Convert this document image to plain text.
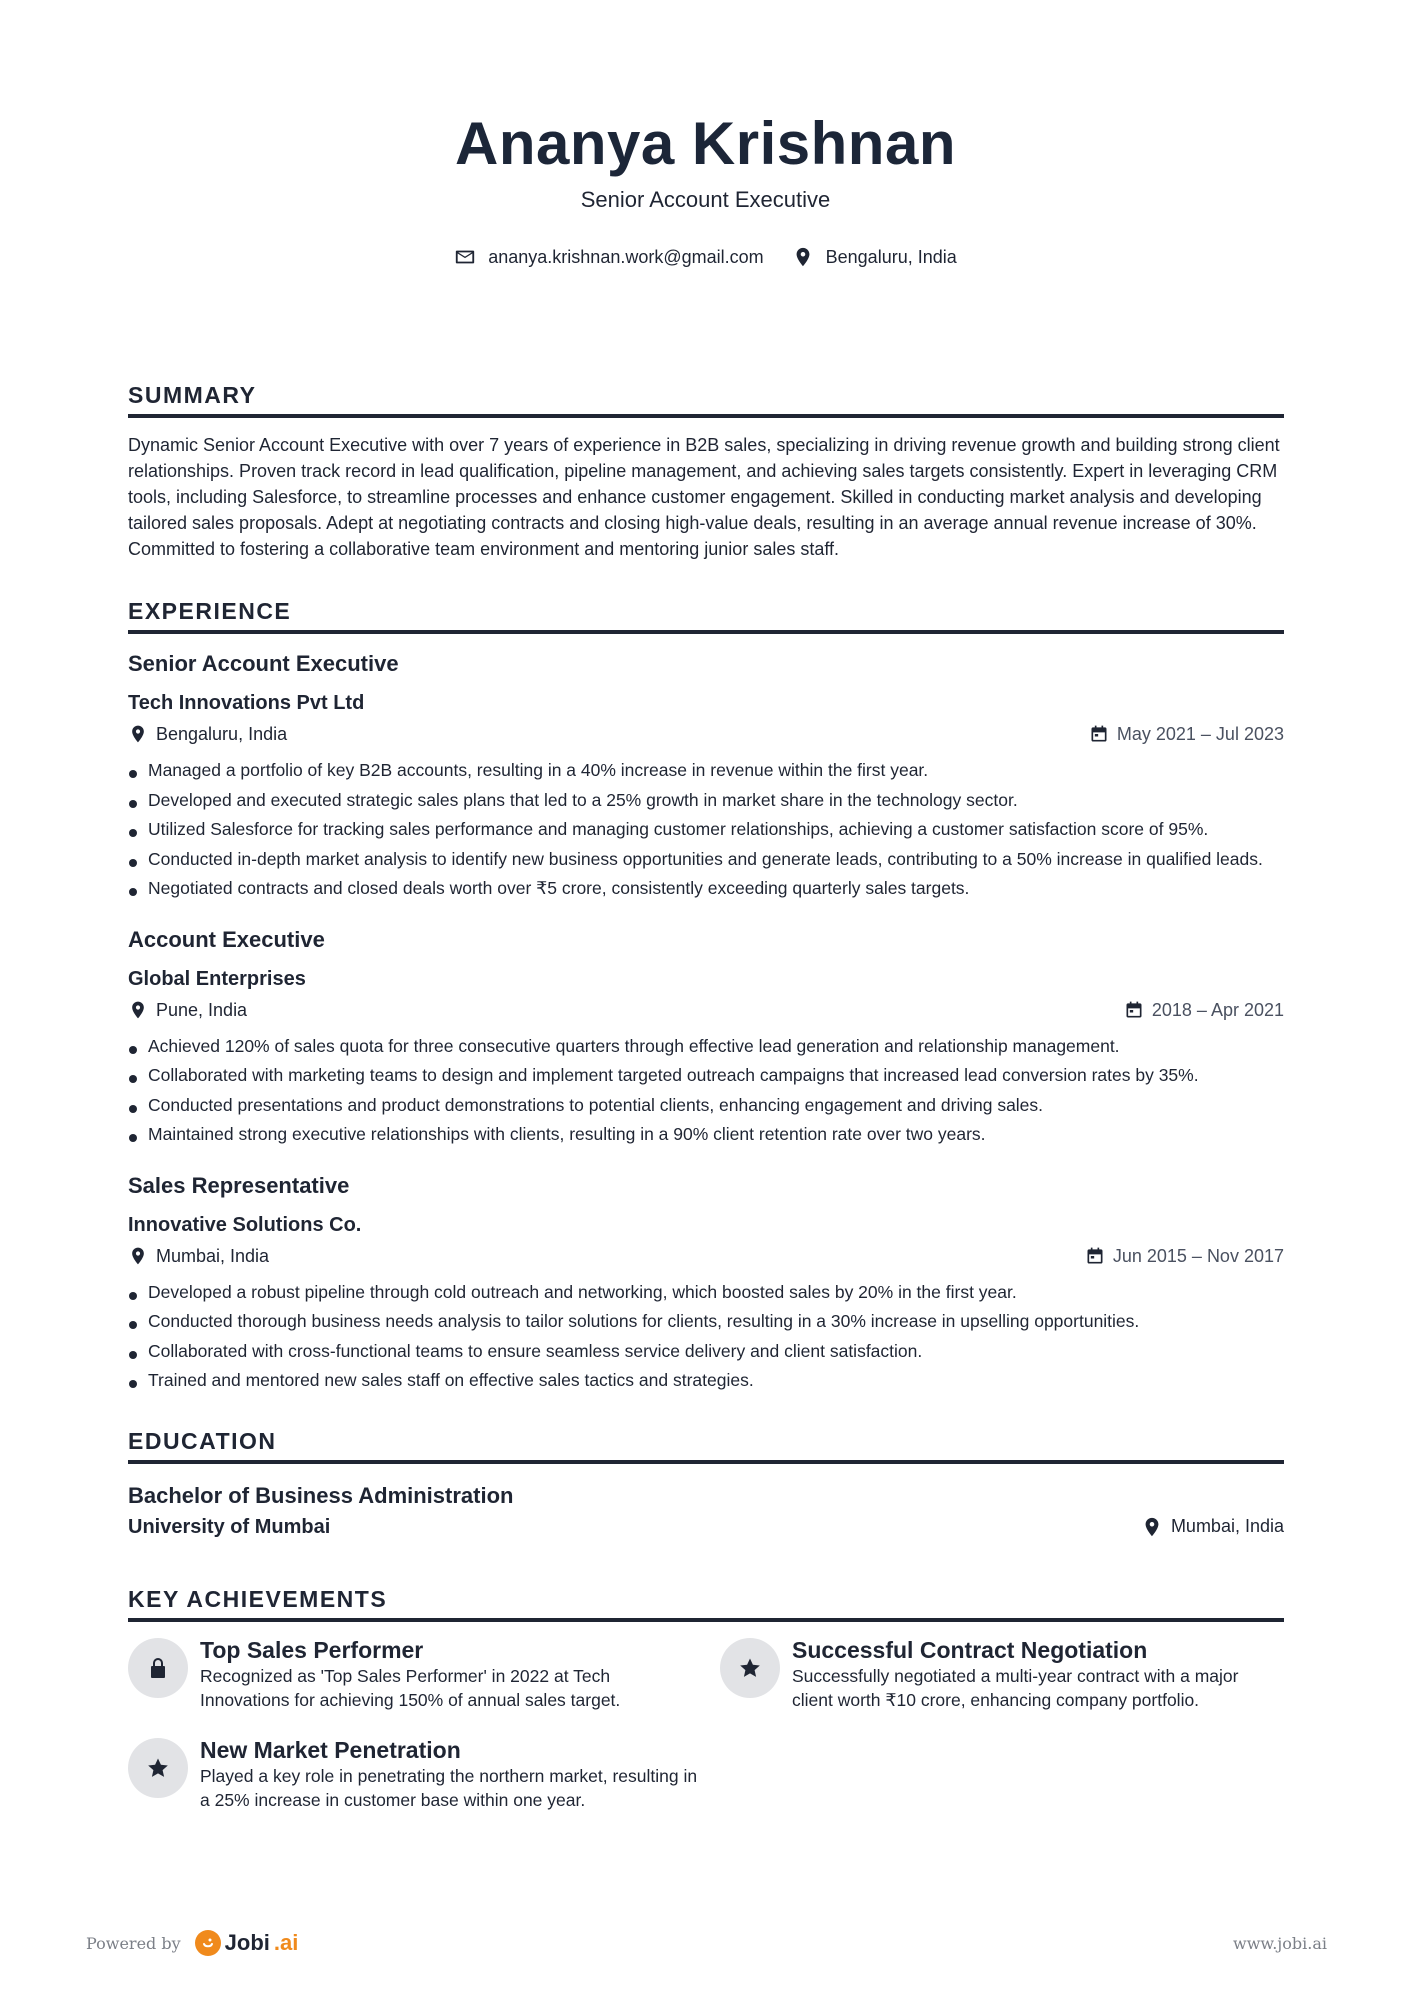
Ananya Krishnan
Senior Account Executive
ananya.krishnan.work@gmail.com	Bengaluru, India
SUMMARY

Dynamic Senior Account Executive with over 7 years of experience in B2B sales, specializing in driving revenue growth and building strong client relationships. Proven track record in lead qualification, pipeline management, and achieving sales targets consistently. Expert in leveraging CRM tools, including Salesforce, to streamline processes and enhance customer engagement. Skilled in conducting market analysis and developing tailored sales proposals. Adept at negotiating contracts and closing high-value deals, resulting in an average annual revenue increase of 30%. Committed to fostering a collaborative team environment and mentoring junior sales staff.

EXPERIENCE
Senior Account Executive
Tech Innovations Pvt Ltd
Bengaluru, India	May 2021 – Jul 2023
Managed a portfolio of key B2B accounts, resulting in a 40% increase in revenue within the first year.
Developed and executed strategic sales plans that led to a 25% growth in market share in the technology sector.
Utilized Salesforce for tracking sales performance and managing customer relationships, achieving a customer satisfaction score of 95%.
Conducted in-depth market analysis to identify new business opportunities and generate leads, contributing to a 50% increase in qualified leads.
Negotiated contracts and closed deals worth over ₹5 crore, consistently exceeding quarterly sales targets.
Account Executive
Global Enterprises
Pune, India	2018 – Apr 2021
Achieved 120% of sales quota for three consecutive quarters through effective lead generation and relationship management.
Collaborated with marketing teams to design and implement targeted outreach campaigns that increased lead conversion rates by 35%.
Conducted presentations and product demonstrations to potential clients, enhancing engagement and driving sales.
Maintained strong executive relationships with clients, resulting in a 90% client retention rate over two years.
Sales Representative
Innovative Solutions Co.
Mumbai, India	Jun 2015 – Nov 2017
Developed a robust pipeline through cold outreach and networking, which boosted sales by 20% in the first year.
Conducted thorough business needs analysis to tailor solutions for clients, resulting in a 30% increase in upselling opportunities.
Collaborated with cross-functional teams to ensure seamless service delivery and client satisfaction.
Trained and mentored new sales staff on effective sales tactics and strategies.
EDUCATION
Bachelor of Business Administration
University of Mumbai	Mumbai, India
KEY ACHIEVEMENTS
Top Sales Performer
Recognized as 'Top Sales Performer' in 2022 at Tech Innovations for achieving 150% of annual sales target.
Successful Contract Negotiation
Successfully negotiated a multi-year contract with a major client worth ₹10 crore, enhancing company portfolio.
New Market Penetration
Played a key role in penetrating the northern market, resulting in a 25% increase in customer base within one year.
Powered by Jobi .ai	www.jobi.ai
